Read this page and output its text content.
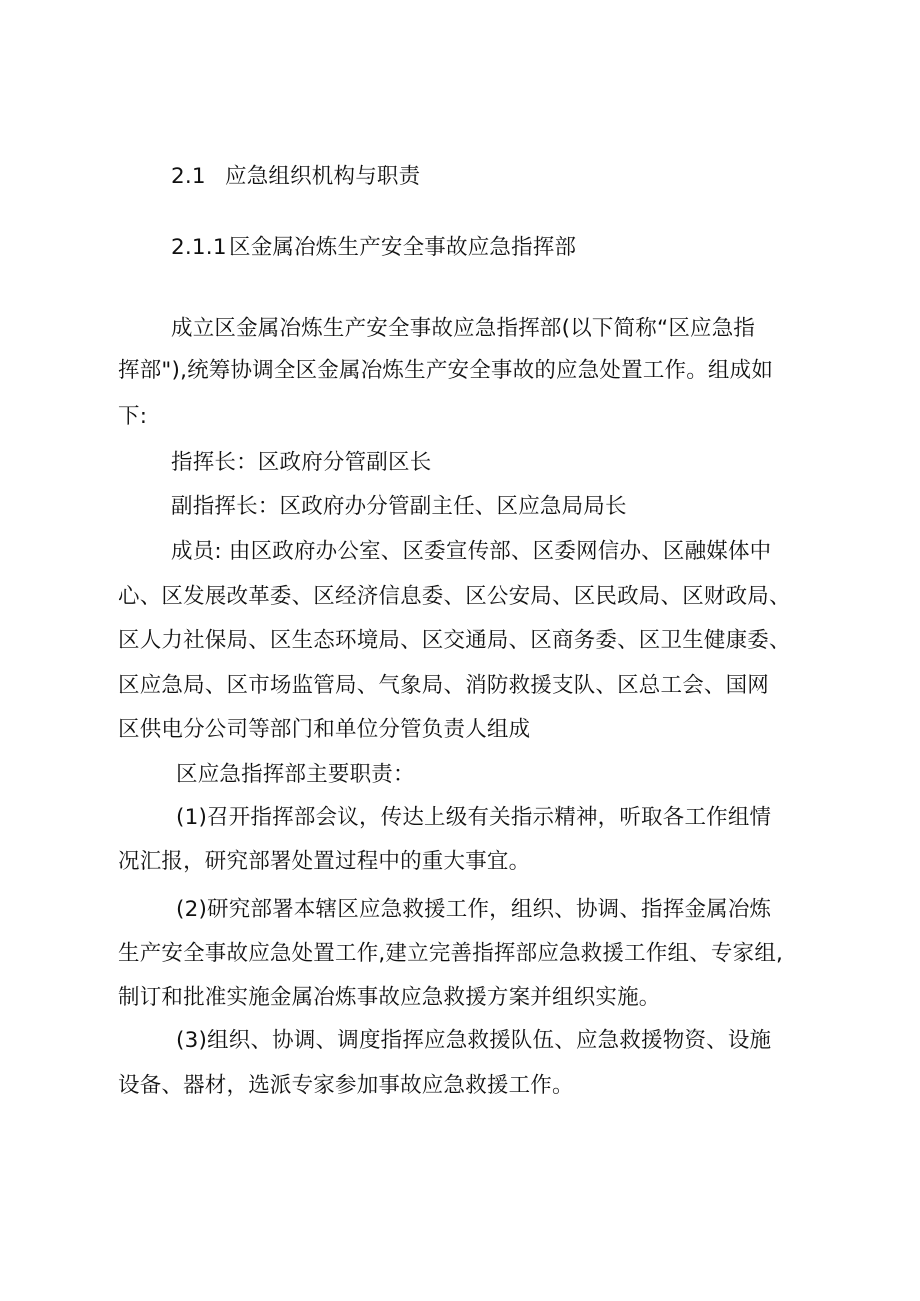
2.1 应急组织机构与职责
2.1.1 区金属冶炼生产安全事故应急指挥部
成立区金属冶炼生产安全事故应急指挥部(以下简称“区应急指
挥部"),统筹协调全区金属冶炼生产安全事故的应急处置工作。组成如
下:
指挥长：区政府分管副区长
副指挥长：区政府办分管副主任、区应急局局长
成员: 由区政府办公室、区委宣传部、区委网信办、区融媒体中
心、区发展改革委、区经济信息委、区公安局、区民政局、区财政局、
区人力社保局、区生态环境局、区交通局、区商务委、区卫生健康委、
区应急局、区市场监管局、气象局、消防救援支队、区总工会、国网
区供电分公司等部门和单位分管负责人组成
区应急指挥部主要职责：
(1)召开指挥部会议，传达上级有关指示精神，听取各工作组情
况汇报，研究部署处置过程中的重大事宜。
(2)研究部署本辖区应急救援工作，组织、协调、指挥金属冶炼
生产安全事故应急处置工作,建立完善指挥部应急救援工作组、专家组,
制订和批准实施金属冶炼事故应急救援方案并组织实施。
(3)组织、协调、调度指挥应急救援队伍、应急救援物资、设施
设备、器材，选派专家参加事故应急救援工作。
